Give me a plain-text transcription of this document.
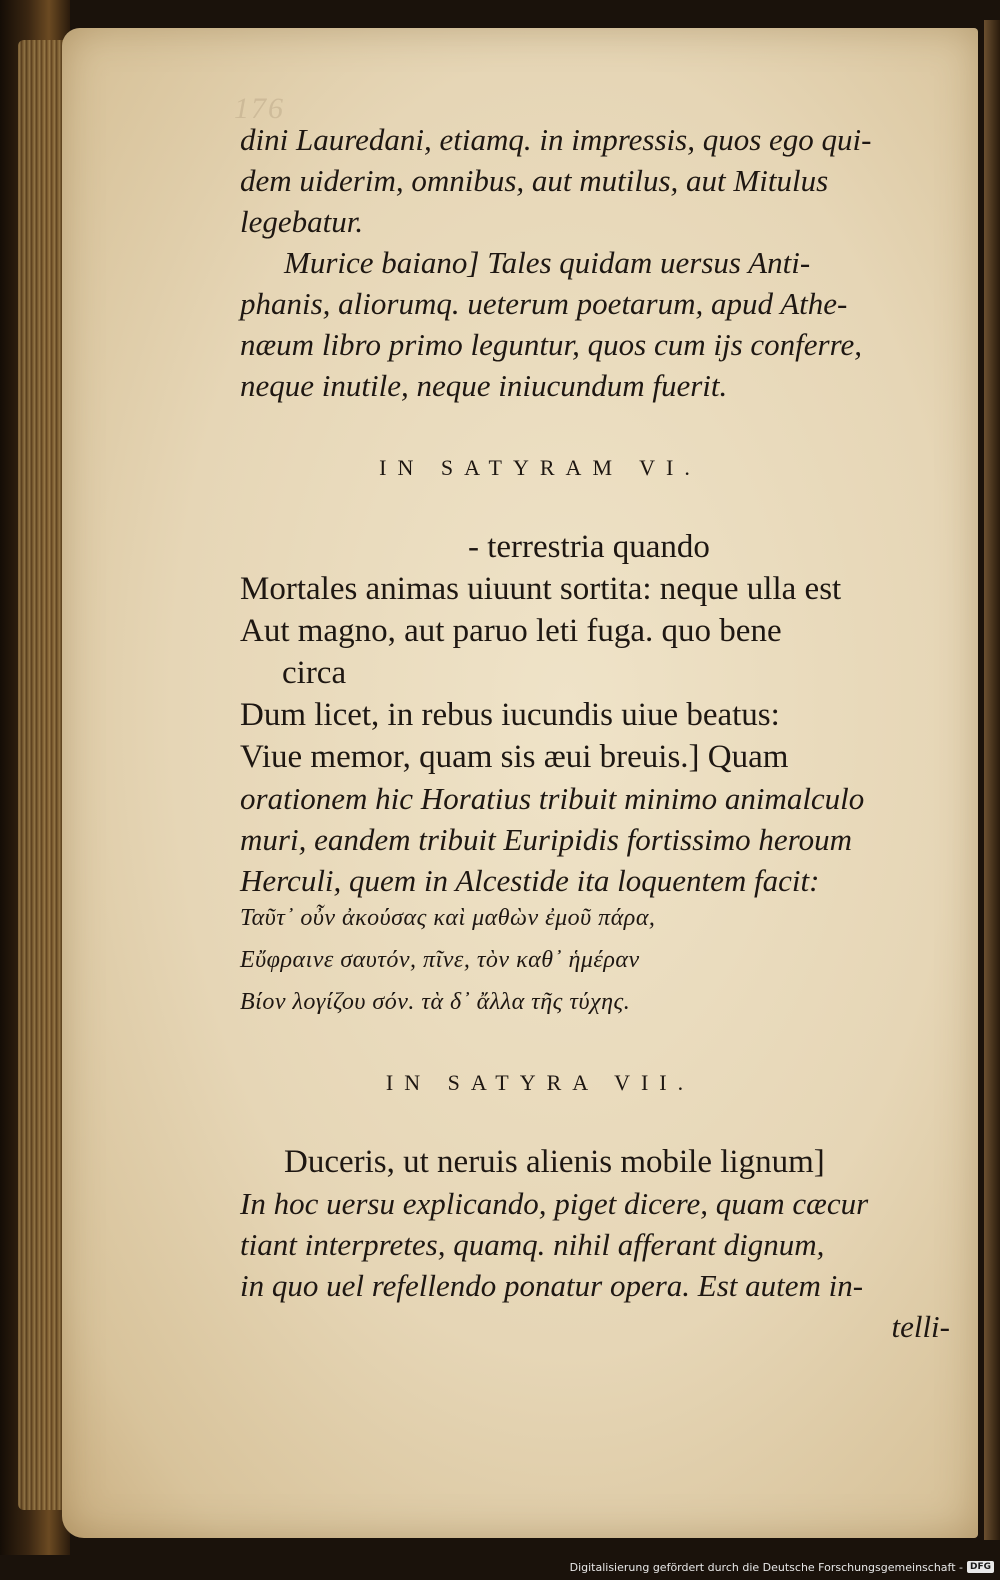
176
dini Lauredani, etiamq. in impressis, quos ego qui-
dem uiderim, omnibus, aut mutilus, aut Mitulus
legebatur.
Murice baiano] Tales quidam uersus Anti-
phanis, aliorumq. ueterum poetarum, apud Athe-
næum libro primo leguntur, quos cum ijs conferre,
neque inutile, neque iniucundum fuerit.
IN SATYRAM VI.
- terrestria quando
Mortales animas uiuunt sortita: neque ulla est
Aut magno, aut paruo leti fuga. quo bene
circa
Dum licet, in rebus iucundis uiue beatus:
Viue memor, quam sis æui breuis.] Quam
orationem hic Horatius tribuit minimo animalculo
muri, eandem tribuit Euripidis fortissimo heroum
Herculi, quem in Alcestide ita loquentem facit:
Ταῦτ᾽ οὖν ἀκούσας καὶ μαθὼν ἐμοῦ πάρα,
Εὔφραινε σαυτόν, πῖνε, τὸν καθ᾽ ἡμέραν
Βίον λογίζου σόν. τὰ δ᾽ ἄλλα τῆς τύχης.
IN SATYRA VII.
Duceris, ut neruis alienis mobile lignum]
In hoc uersu explicando, piget dicere, quam cæcur
tiant interpretes, quamq. nihil afferant dignum,
in quo uel refellendo ponatur opera. Est autem in-
telli-
Digitalisierung gefördert durch die Deutsche Forschungsgemeinschaft - DFG
